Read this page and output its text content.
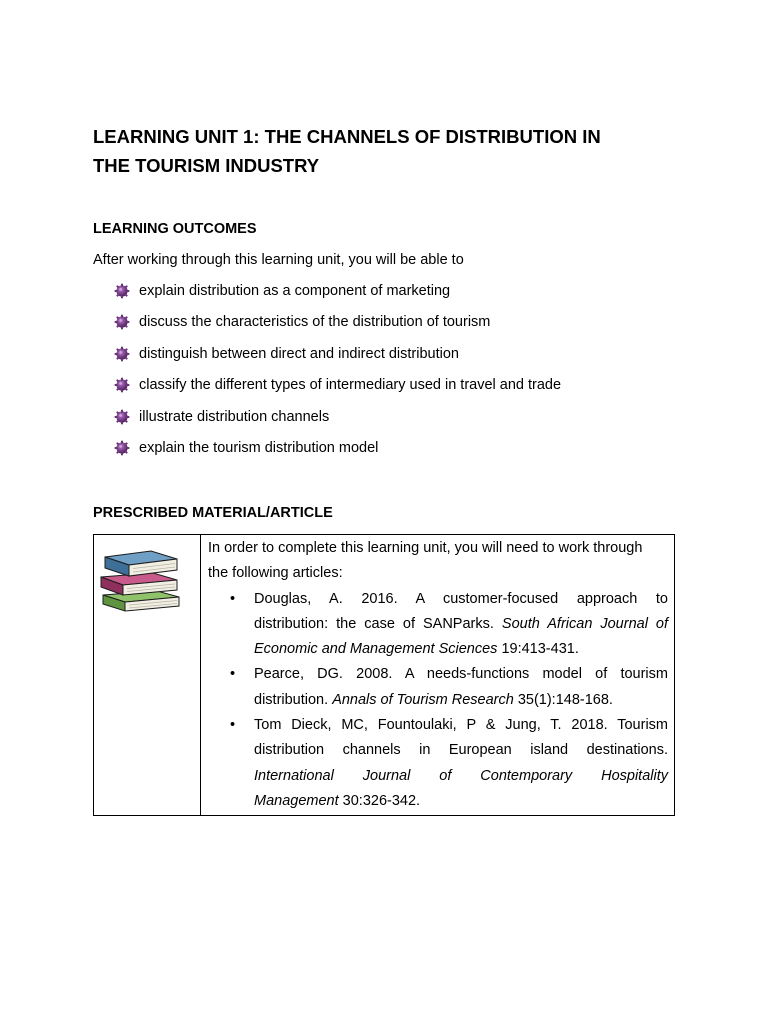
LEARNING UNIT 1: THE CHANNELS OF DISTRIBUTION IN
THE TOURISM INDUSTRY
LEARNING OUTCOMES

After working through this learning unit, you will be able to

explain distribution as a component of marketing
discuss the characteristics of the distribution of tourism
distinguish between direct and indirect distribution
classify the different types of intermediary used in travel and trade
illustrate distribution channels
explain the tourism distribution model
PRESCRIBED MATERIAL/ARTICLE

In order to complete this learning unit, you will need to work through
the following articles:

• Douglas, A. 2016. A customer-focused approach to
distribution: the case of SANParks. South African Journal of
Economic and Management Sciences 19:413-431.
• Pearce, DG. 2008. A needs-functions model of tourism
distribution. Annals of Tourism Research 35(1):148-168.
• Tom Dieck, MC, Fountoulaki, P & Jung, T. 2018. Tourism
distribution channels in European island destinations.
International Journal of Contemporary Hospitality
Management 30:326-342.
